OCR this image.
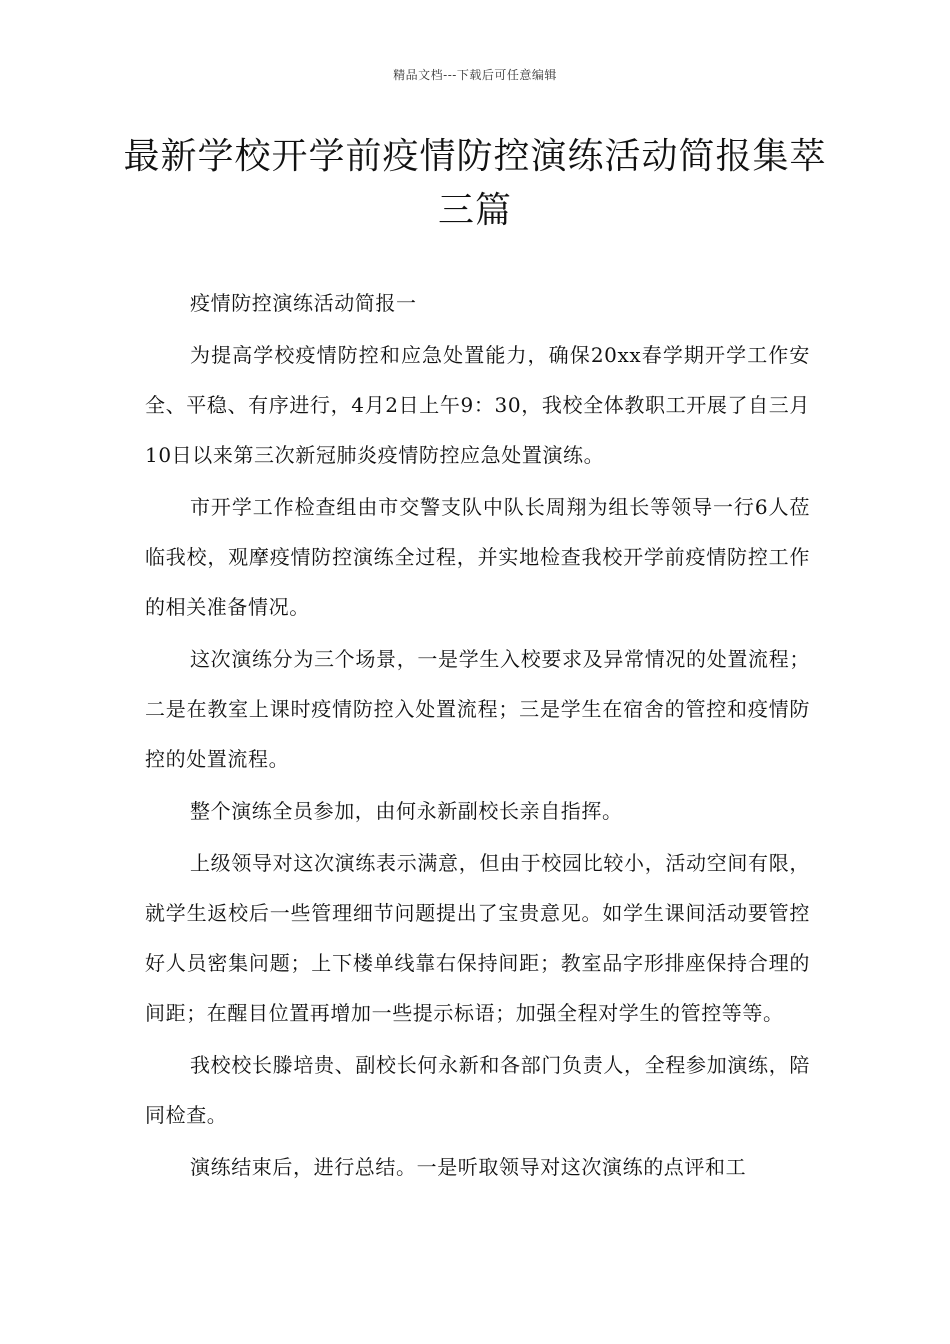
精品文档---下载后可任意编辑
最新学校开学前疫情防控演练活动简报集萃三篇

疫情防控演练活动简报一

为提高学校疫情防控和应急处置能力，确保20xx春学期开学工作安全、平稳、有序进行，4月2日上午9：30，我校全体教职工开展了自三月10日以来第三次新冠肺炎疫情防控应急处置演练。

市开学工作检查组由市交警支队中队长周翔为组长等领导一行6人莅临我校，观摩疫情防控演练全过程，并实地检查我校开学前疫情防控工作的相关准备情况。

这次演练分为三个场景，一是学生入校要求及异常情况的处置流程；二是在教室上课时疫情防控入处置流程；三是学生在宿舍的管控和疫情防控的处置流程。

整个演练全员参加，由何永新副校长亲自指挥。

上级领导对这次演练表示满意，但由于校园比较小，活动空间有限，就学生返校后一些管理细节问题提出了宝贵意见。如学生课间活动要管控好人员密集问题；上下楼单线靠右保持间距；教室品字形排座保持合理的间距；在醒目位置再增加一些提示标语；加强全程对学生的管控等等。

我校校长滕培贵、副校长何永新和各部门负责人，全程参加演练，陪同检查。

演练结束后，进行总结。一是听取领导对这次演练的点评和工
